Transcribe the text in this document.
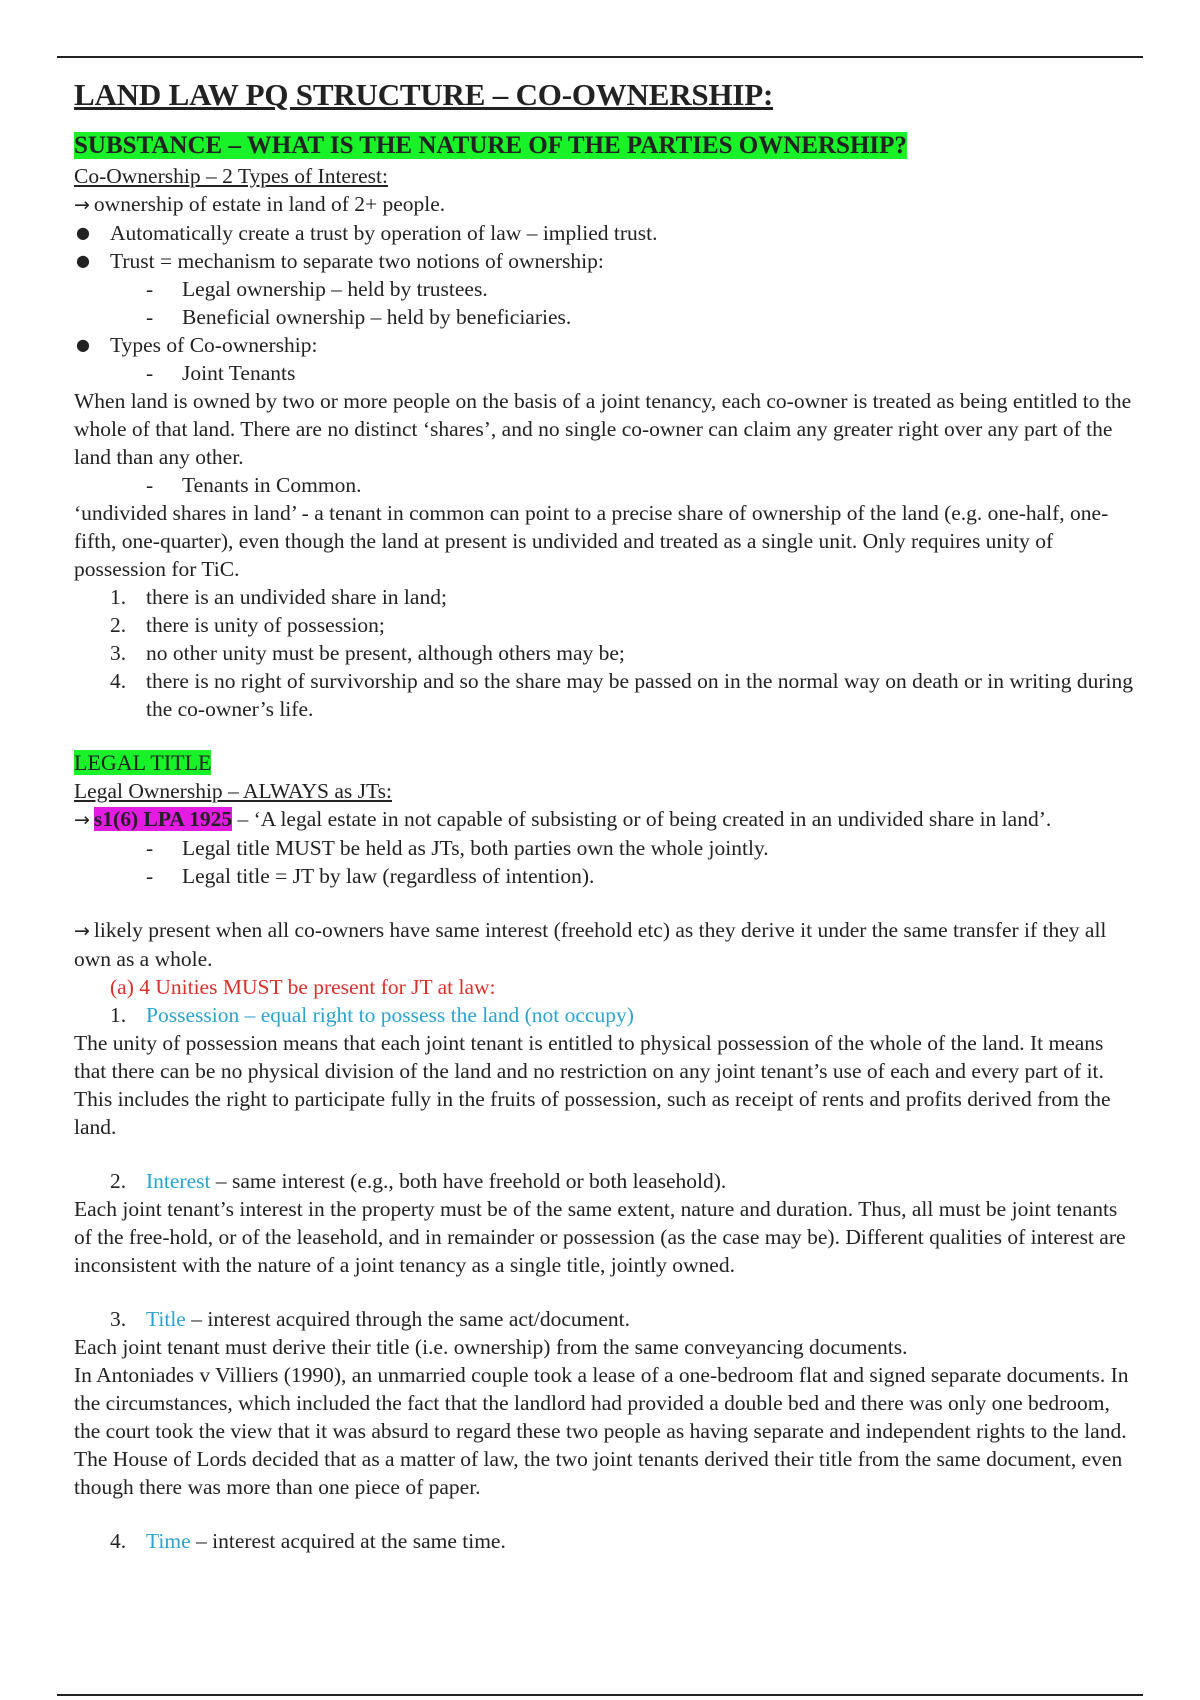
LAND LAW PQ STRUCTURE – CO-OWNERSHIP:
SUBSTANCE – WHAT IS THE NATURE OF THE PARTIES OWNERSHIP?
Co-Ownership – 2 Types of Interest:
→ ownership of estate in land of 2+ people.
● Automatically create a trust by operation of law – implied trust.
● Trust = mechanism to separate two notions of ownership:
- Legal ownership – held by trustees.
- Beneficial ownership – held by beneficiaries.
● Types of Co-ownership:
- Joint Tenants

When land is owned by two or more people on the basis of a joint tenancy, each co-owner is treated as being entitled to the whole of that land. There are no distinct ‘shares’, and no single co-owner can claim any greater right over any part of the land than any other.

- Tenants in Common.

‘undivided shares in land’ - a tenant in common can point to a precise share of ownership of the land (e.g. one-half, one-fifth, one-quarter), even though the land at present is undivided and treated as a single unit. Only requires unity of possession for TiC.

1. there is an undivided share in land;
2. there is unity of possession;
3. no other unity must be present, although others may be;
4. there is no right of survivorship and so the share may be passed on in the normal way on death or in writing during the co-owner’s life.
LEGAL TITLE
Legal Ownership – ALWAYS as JTs:

→ s1(6) LPA 1925 – ‘A legal estate in not capable of subsisting or of being created in an undivided share in land’.

- Legal title MUST be held as JTs, both parties own the whole jointly.
- Legal title = JT by law (regardless of intention).

→ likely present when all co-owners have same interest (freehold etc) as they derive it under the same transfer if they all own as a whole.

(a) 4 Unities MUST be present for JT at law:
1. Possession – equal right to possess the land (not occupy)

The unity of possession means that each joint tenant is entitled to physical possession of the whole of the land. It means that there can be no physical division of the land and no restriction on any joint tenant’s use of each and every part of it. This includes the right to participate fully in the fruits of possession, such as receipt of rents and profits derived from the land.

2. Interest – same interest (e.g., both have freehold or both leasehold).

Each joint tenant’s interest in the property must be of the same extent, nature and duration. Thus, all must be joint tenants of the free-hold, or of the leasehold, and in remainder or possession (as the case may be). Different qualities of interest are inconsistent with the nature of a joint tenancy as a single title, jointly owned.

3. Title – interest acquired through the same act/document.

Each joint tenant must derive their title (i.e. ownership) from the same conveyancing documents.

In Antoniades v Villiers (1990), an unmarried couple took a lease of a one-bedroom flat and signed separate documents. In the circumstances, which included the fact that the landlord had provided a double bed and there was only one bedroom, the court took the view that it was absurd to regard these two people as having separate and independent rights to the land. The House of Lords decided that as a matter of law, the two joint tenants derived their title from the same document, even though there was more than one piece of paper.

4. Time – interest acquired at the same time.
